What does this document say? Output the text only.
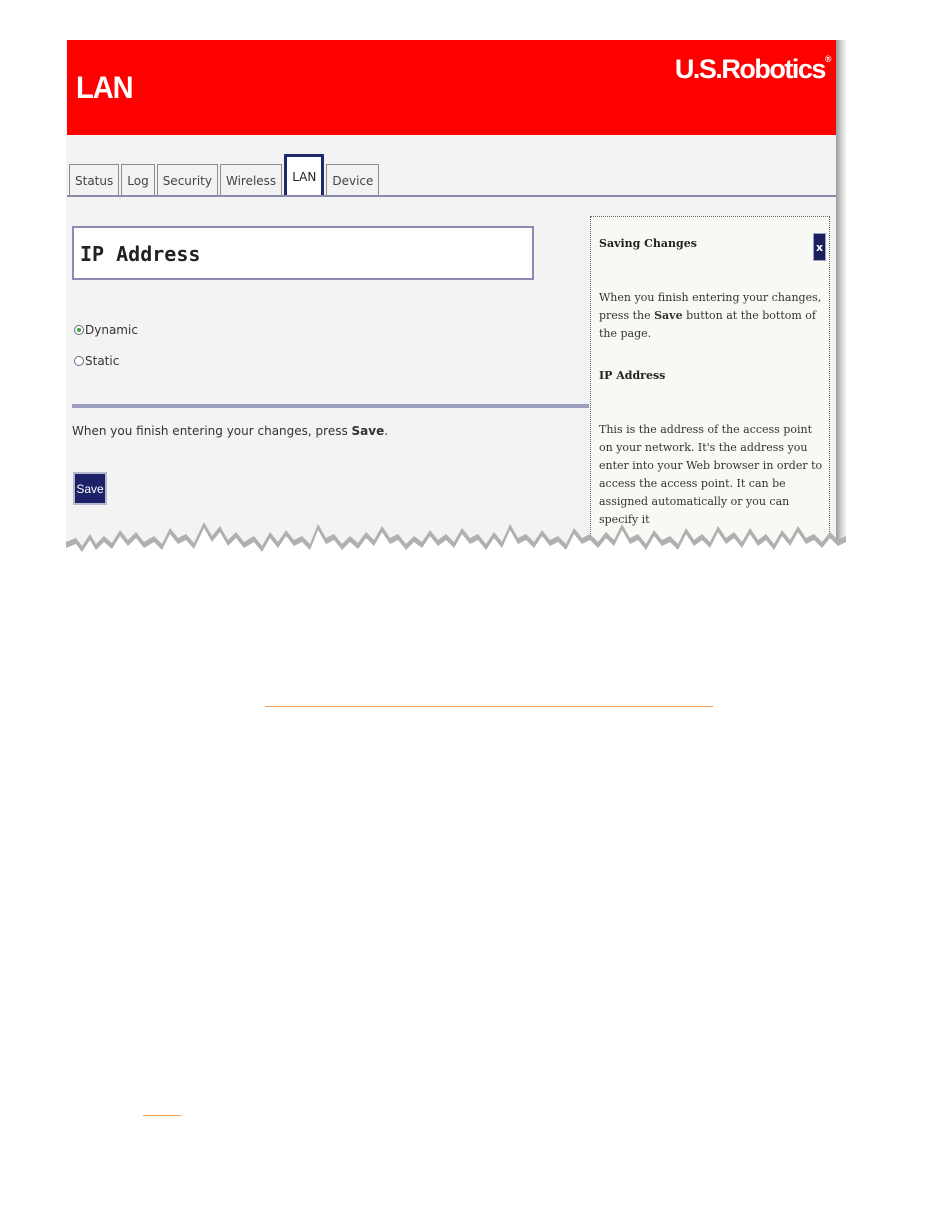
LAN
U.S.Robotics®
Status	Log	Security	Wireless	LAN	Device
IP Address
Dynamic
Static
When you finish entering your changes, press Save.
Save
x
Saving Changes
When you finish entering your changes, press the Save button at the bottom of the page.
IP Address
This is the address of the access point on your network. It's the address you enter into your Web browser in order to access the access point. It can be assigned automatically or you can specify it
